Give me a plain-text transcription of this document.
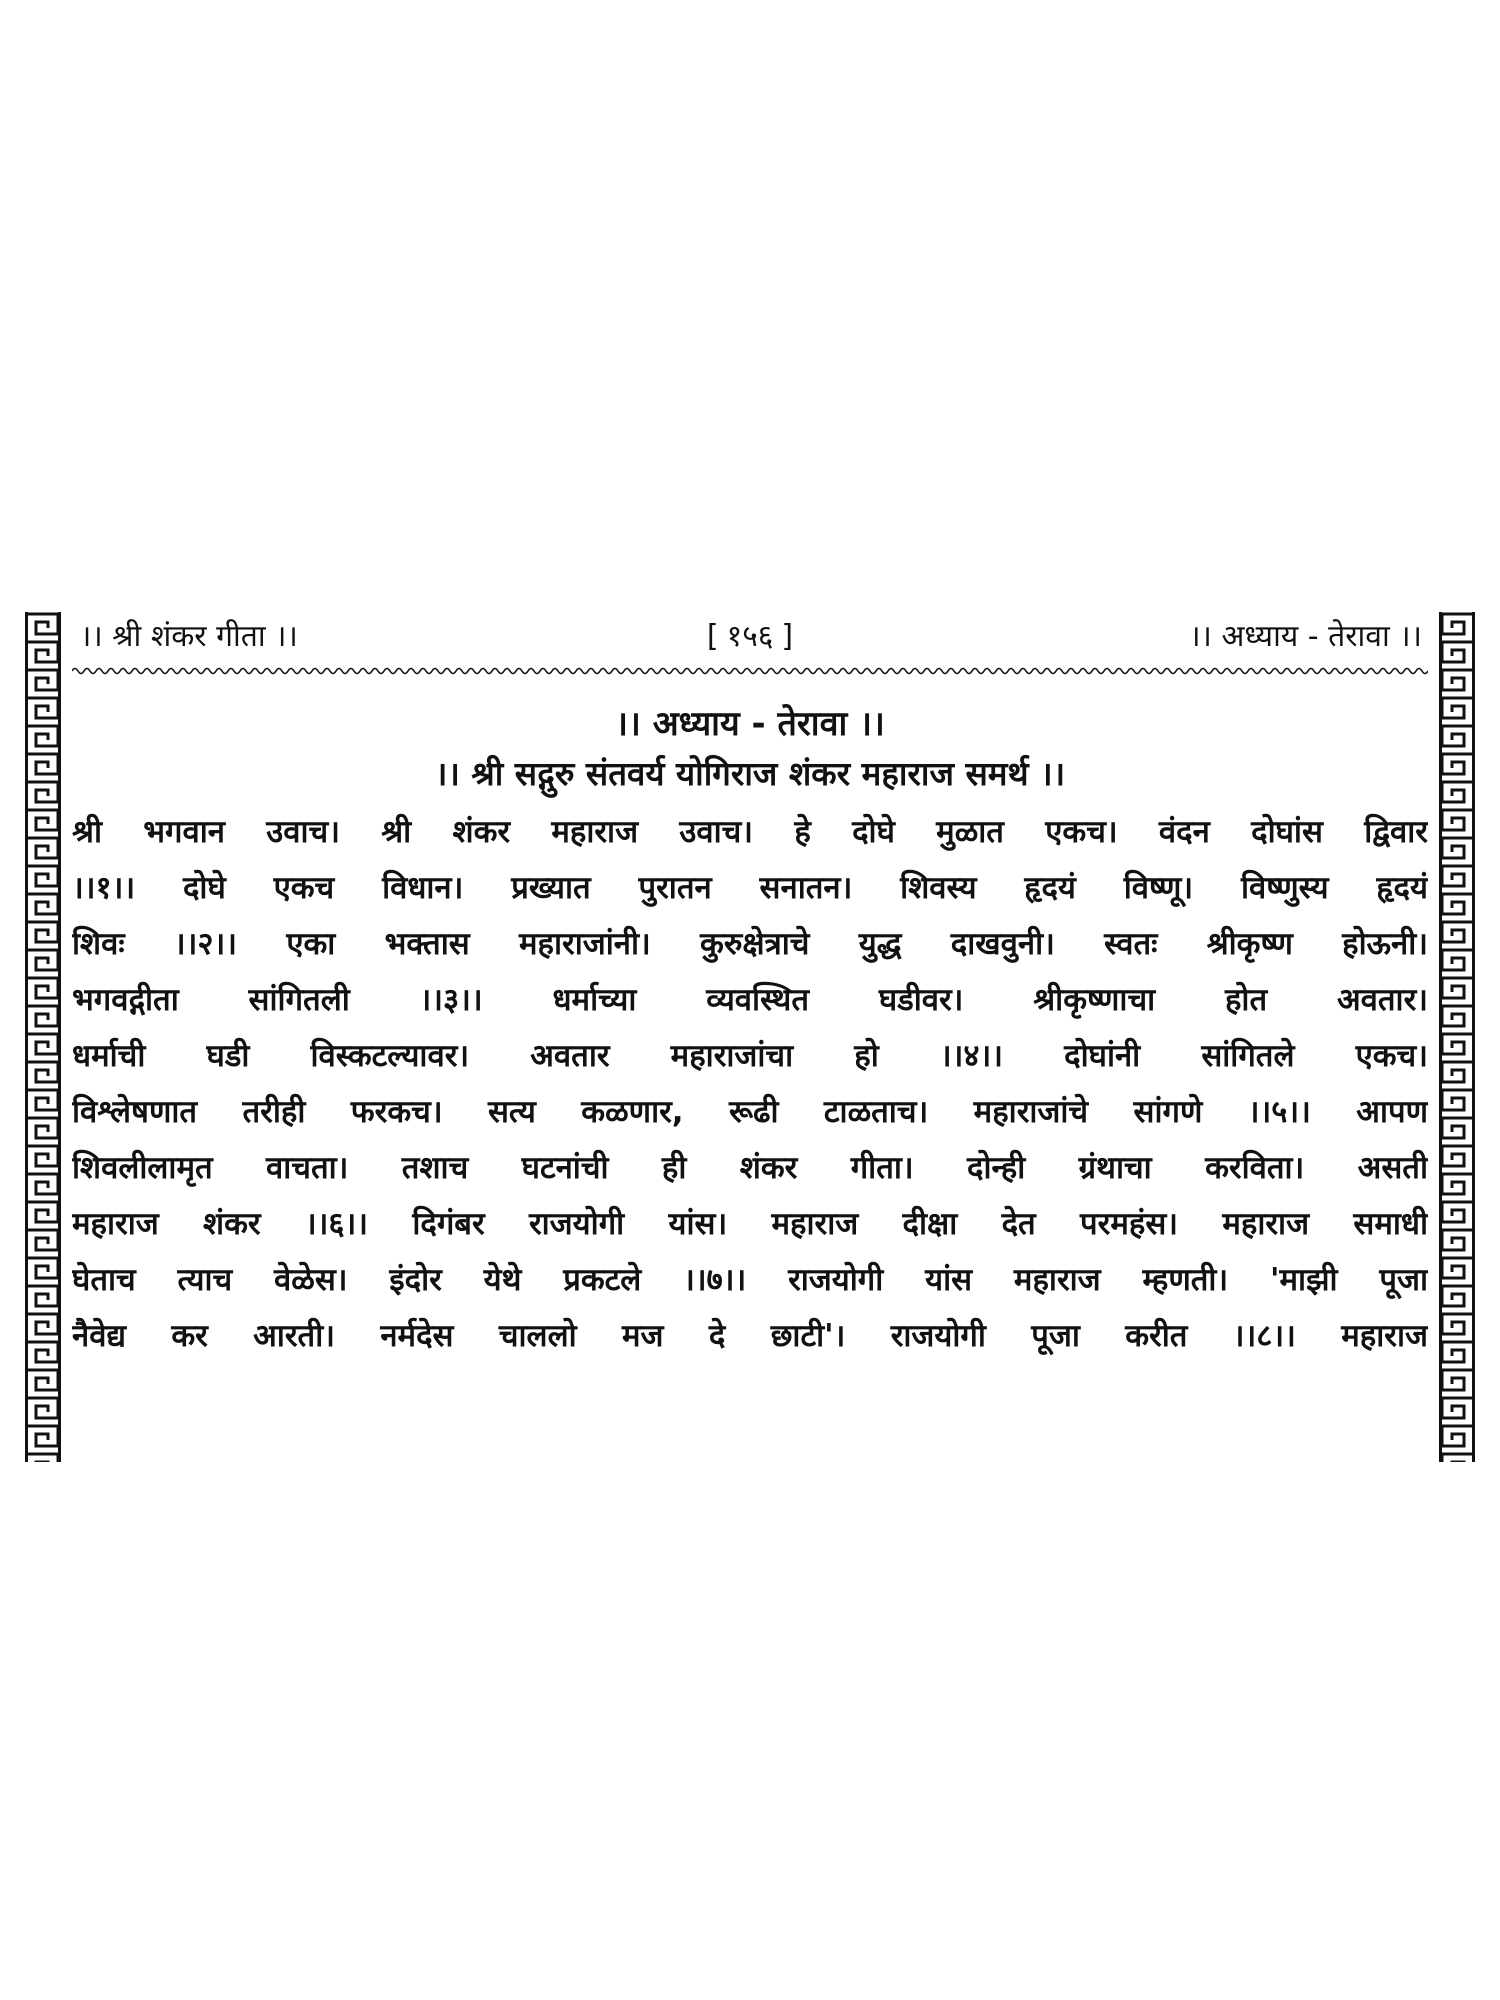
।। श्री शंकर गीता ।।	[ १५६ ]	।। अध्याय - तेरावा ।।
।। अध्याय - तेरावा ।।
।। श्री सद्गुरु संतवर्य योगिराज शंकर महाराज समर्थ ।।
श्री भगवान उवाच। श्री शंकर महाराज उवाच। हे दोघे मुळात एकच। वंदन दोघांस द्विवार
।।१।। दोघे एकच विधान। प्रख्यात पुरातन सनातन। शिवस्य हृदयं विष्णू। विष्णुस्य हृदयं
शिवः ।।२।। एका भक्तास महाराजांनी। कुरुक्षेत्राचे युद्ध दाखवुनी। स्वतः श्रीकृष्ण होऊनी।
भगवद्गीता सांगितली ।।३।। धर्माच्या व्यवस्थित घडीवर। श्रीकृष्णाचा होत अवतार।
धर्माची घडी विस्कटल्यावर। अवतार महाराजांचा हो ।।४।। दोघांनी सांगितले एकच।
विश्लेषणात तरीही फरकच। सत्य कळणार, रूढी टाळताच। महाराजांचे सांगणे ।।५।। आपण
शिवलीलामृत वाचता। तशाच घटनांची ही शंकर गीता। दोन्ही ग्रंथाचा करविता। असती
महाराज शंकर ।।६।। दिगंबर राजयोगी यांस। महाराज दीक्षा देत परमहंस। महाराज समाधी
घेताच त्याच वेळेस। इंदोर येथे प्रकटले ।।७।। राजयोगी यांस महाराज म्हणती। 'माझी पूजा
नैवेद्य कर आरती। नर्मदेस चाललो मज दे छाटी'। राजयोगी पूजा करीत ।।८।। महाराज
